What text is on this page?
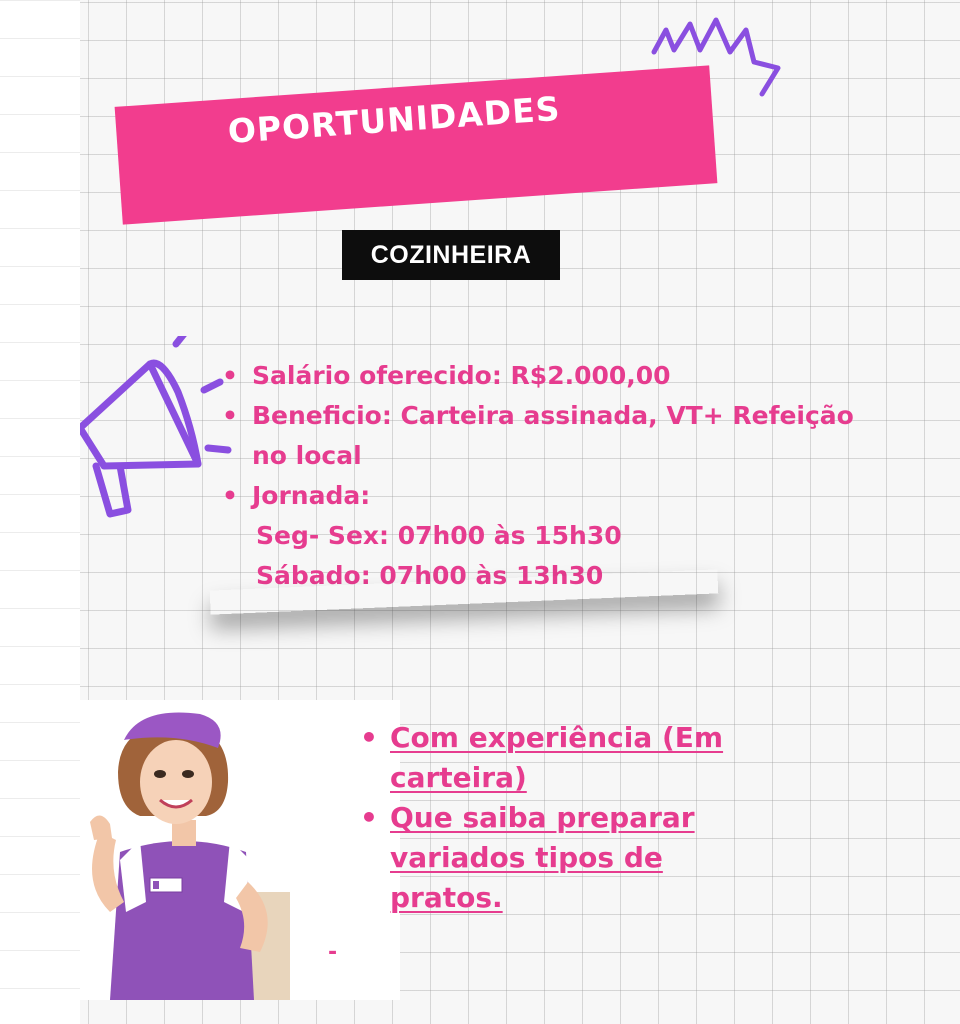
OPORTUNIDADES
COZINHEIRA
• Salário oferecido: R$2.000,00
• Beneficio: Carteira assinada, VT+ Refeição
no local
• Jornada:
Seg- Sex: 07h00 às 15h30
Sábado: 07h00 às 13h30
• Com experiência (Em
carteira)
• Que saiba preparar
variados tipos de
pratos.
-
